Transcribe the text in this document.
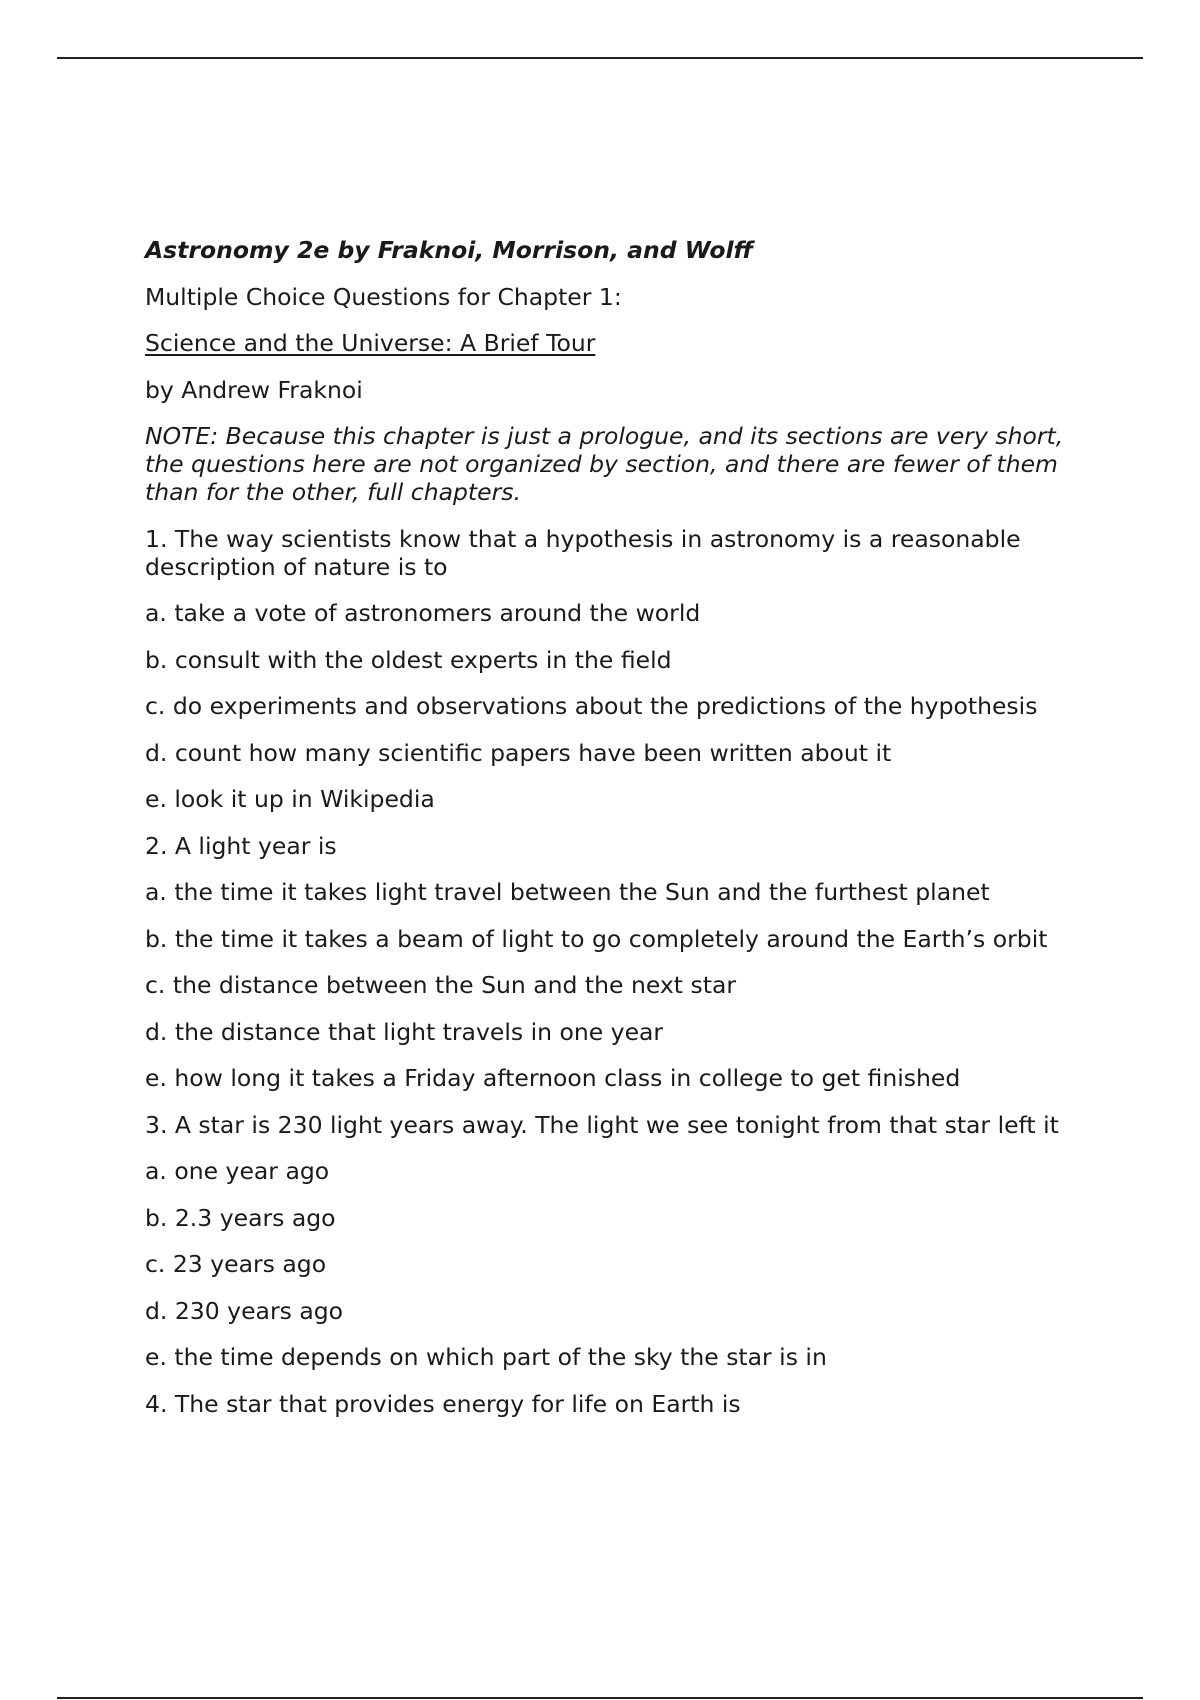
Astronomy 2e by Fraknoi, Morrison, and Wolff

Multiple Choice Questions for Chapter 1:

Science and the Universe: A Brief Tour

by Andrew Fraknoi

NOTE: Because this chapter is just a prologue, and its sections are very short, the questions here are not organized by section, and there are fewer of them than for the other, full chapters.

1. The way scientists know that a hypothesis in astronomy is a reasonable description of nature is to

a. take a vote of astronomers around the world

b. consult with the oldest experts in the field

c. do experiments and observations about the predictions of the hypothesis

d. count how many scientific papers have been written about it

e. look it up in Wikipedia

2. A light year is

a. the time it takes light travel between the Sun and the furthest planet

b. the time it takes a beam of light to go completely around the Earth’s orbit

c. the distance between the Sun and the next star

d. the distance that light travels in one year

e. how long it takes a Friday afternoon class in college to get finished

3. A star is 230 light years away. The light we see tonight from that star left it

a. one year ago

b. 2.3 years ago

c. 23 years ago

d. 230 years ago

e. the time depends on which part of the sky the star is in

4. The star that provides energy for life on Earth is
